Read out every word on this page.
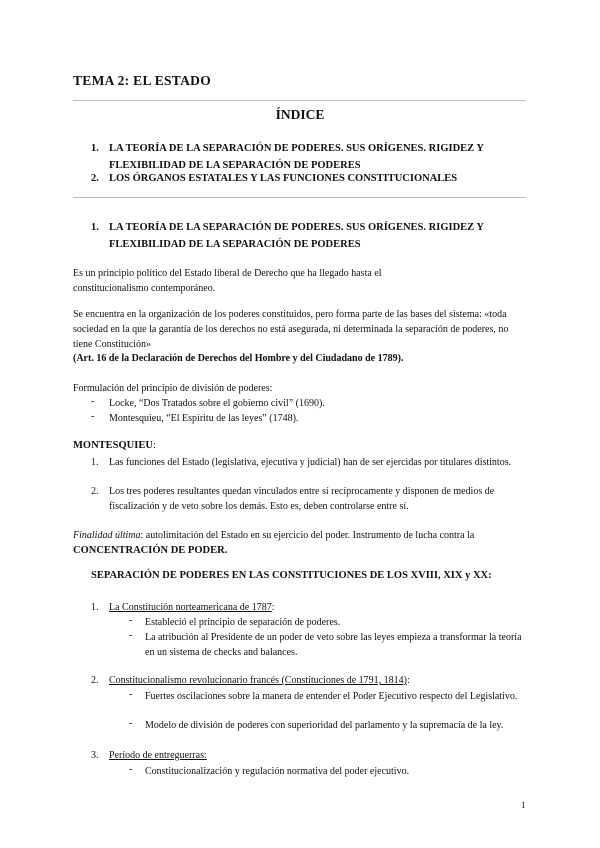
TEMA 2: EL ESTADO
ÍNDICE
1. LA TEORÍA DE LA SEPARACIÓN DE PODERES. SUS ORÍGENES. RIGIDEZ Y FLEXIBILIDAD DE LA SEPARACIÓN DE PODERES
2. LOS ÓRGANOS ESTATALES Y LAS FUNCIONES CONSTITUCIONALES
1. LA TEORÍA DE LA SEPARACIÓN DE PODERES. SUS ORÍGENES. RIGIDEZ Y FLEXIBILIDAD DE LA SEPARACIÓN DE PODERES
Es un principio político del Estado liberal de Derecho que ha llegado hasta el constitucionalismo contemporáneo.
Se encuentra en la organización de los poderes constituidos, pero forma parte de las bases del sistema: «toda sociedad en la que la garantía de los derechos no está asegurada, ni determinada la separación de poderes, no tiene Constitución»
(Art. 16 de la Declaración de Derechos del Hombre y del Ciudadano de 1789).
Formulación del principio de división de poderes:
- Locke, “Dos Tratados sobre el gobierno civil” (1690).
- Montesquieu, “El Espíritu de las leyes” (1748).
MONTESQUIEU:
1. Las funciones del Estado (legislativa, ejecutiva y judicial) han de ser ejercidas por titulares distintos.
2. Los tres poderes resultantes quedan vinculados entre sí recíprocamente y disponen de medios de fiscalización y de veto sobre los demás. Esto es, deben controlarse entre sí.
Finalidad última: autolimitación del Estado en su ejercicio del poder. Instrumento de lucha contra la
CONCENTRACIÓN DE PODER.
SEPARACIÓN DE PODERES EN LAS CONSTITUCIONES DE LOS XVIII, XIX y XX:
1. La Constitución norteamericana de 1787:
- Estableció el principio de separación de poderes.
- La atribución al Presidente de un poder de veto sobre las leyes empieza a transformar la teoría en un sistema de checks and balances.
2. Constitucionalismo revolucionario francés (Constituciones de 1791, 1814):
- Fuertes oscilaciones sobre la manera de entender el Poder Ejecutivo respecto del Legislativo.
- Modelo de división de poderes con superioridad del parlamento y la supremacía de la ley.
3. Período de entreguerras:
- Constitucionalización y regulación normativa del poder ejecutivo.
1
